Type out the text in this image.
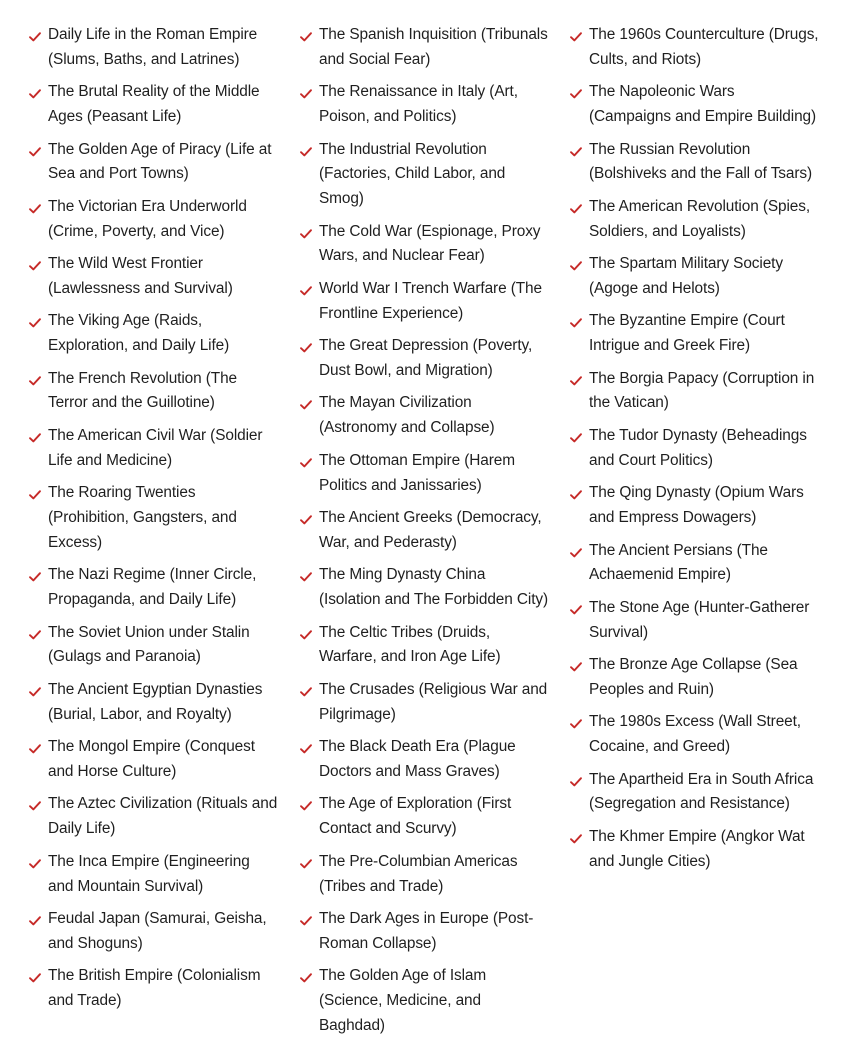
Daily Life in the Roman Empire (Slums, Baths, and Latrines)
The Brutal Reality of the Middle Ages (Peasant Life)
The Golden Age of Piracy (Life at Sea and Port Towns)
The Victorian Era Underworld (Crime, Poverty, and Vice)
The Wild West Frontier (Lawlessness and Survival)
The Viking Age (Raids, Exploration, and Daily Life)
The French Revolution (The Terror and the Guillotine)
The American Civil War (Soldier Life and Medicine)
The Roaring Twenties (Prohibition, Gangsters, and Excess)
The Nazi Regime (Inner Circle, Propaganda, and Daily Life)
The Soviet Union under Stalin (Gulags and Paranoia)
The Ancient Egyptian Dynasties (Burial, Labor, and Royalty)
The Mongol Empire (Conquest and Horse Culture)
The Aztec Civilization (Rituals and Daily Life)
The Inca Empire (Engineering and Mountain Survival)
Feudal Japan (Samurai, Geisha, and Shoguns)
The British Empire (Colonialism and Trade)
The Spanish Inquisition (Tribunals and Social Fear)
The Renaissance in Italy (Art, Poison, and Politics)
The Industrial Revolution (Factories, Child Labor, and Smog)
The Cold War (Espionage, Proxy Wars, and Nuclear Fear)
World War I Trench Warfare (The Frontline Experience)
The Great Depression (Poverty, Dust Bowl, and Migration)
The Mayan Civilization (Astronomy and Collapse)
The Ottoman Empire (Harem Politics and Janissaries)
The Ancient Greeks (Democracy, War, and Pederasty)
The Ming Dynasty China (Isolation and The Forbidden City)
The Celtic Tribes (Druids, Warfare, and Iron Age Life)
The Crusades (Religious War and Pilgrimage)
The Black Death Era (Plague Doctors and Mass Graves)
The Age of Exploration (First Contact and Scurvy)
The Pre-Columbian Americas (Tribes and Trade)
The Dark Ages in Europe (Post-Roman Collapse)
The Golden Age of Islam (Science, Medicine, and Baghdad)
The 1960s Counterculture (Drugs, Cults, and Riots)
The Napoleonic Wars (Campaigns and Empire Building)
The Russian Revolution (Bolshiveks and the Fall of Tsars)
The American Revolution (Spies, Soldiers, and Loyalists)
The Spartam Military Society (Agoge and Helots)
The Byzantine Empire (Court Intrigue and Greek Fire)
The Borgia Papacy (Corruption in the Vatican)
The Tudor Dynasty (Beheadings and Court Politics)
The Qing Dynasty (Opium Wars and Empress Dowagers)
The Ancient Persians (The Achaemenid Empire)
The Stone Age (Hunter-Gatherer Survival)
The Bronze Age Collapse (Sea Peoples and Ruin)
The 1980s Excess (Wall Street, Cocaine, and Greed)
The Apartheid Era in South Africa (Segregation and Resistance)
The Khmer Empire (Angkor Wat and Jungle Cities)
